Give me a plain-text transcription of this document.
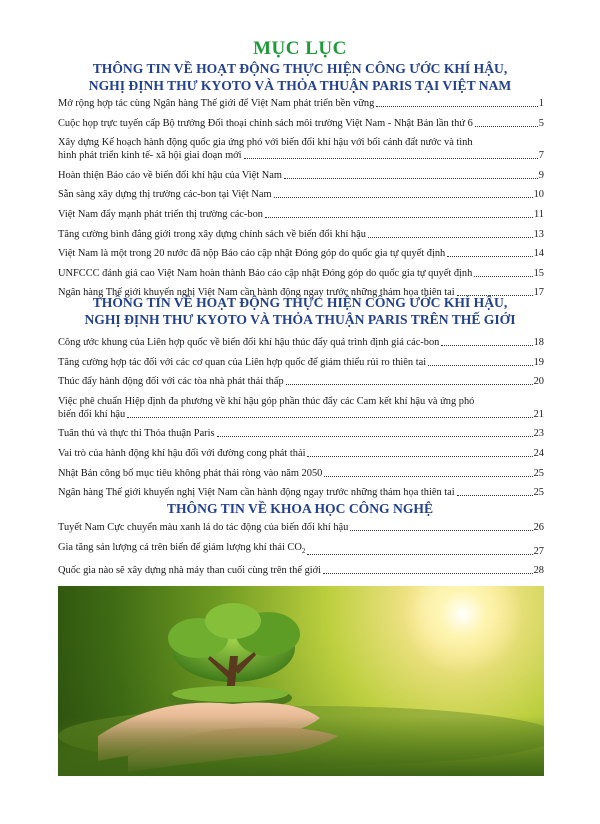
MỤC LỤC
THÔNG TIN VỀ HOẠT ĐỘNG THỰC HIỆN CÔNG ƯỚC KHÍ HẬU,
NGHỊ ĐỊNH THƯ KYOTO VÀ THỎA THUẬN PARIS TẠI VIỆT NAM
Mở rộng hợp tác cùng Ngân hàng Thế giới để Việt Nam phát triển bền vững	1
Cuộc họp trực tuyến cấp Bộ trưởng Đối thoại chính sách môi trường Việt Nam - Nhật Bản lần thứ 6	5
Xây dựng Kế hoạch hành động quốc gia ứng phó với biến đổi khí hậu với bối cảnh đất nước và tình
hình phát triển kinh tế- xã hội giai đoạn mới	7
Hoàn thiện Báo cáo về biến đổi khí hậu của Việt Nam	9
Sẵn sàng xây dựng thị trường các-bon tại Việt Nam	10
Việt Nam đẩy mạnh phát triển thị trường các-bon	11
Tăng cường bình đẳng giới trong xây dựng chính sách về biến đổi khí hậu	13
Việt Nam là một trong 20 nước đã nộp Báo cáo cập nhật Đóng góp do quốc gia tự quyết định	14
UNFCCC đánh giá cao Việt Nam hoàn thành Báo cáo cập nhật Đóng góp do quốc gia tự quyết định	15
Ngân hàng Thế giới khuyến nghị Việt Nam cần hành động ngay trước những thảm họa thiên tai	17
THÔNG TIN VỀ HOẠT ĐỘNG THỰC HIỆN CÔNG ƯỚC KHÍ HẬU,
NGHỊ ĐỊNH THƯ KYOTO VÀ THỎA THUẬN PARIS TRÊN THẾ GIỚI
Công ước khung của Liên hợp quốc về biến đổi khí hậu thúc đẩy quá trình định giá các-bon	18
Tăng cường hợp tác đối với các cơ quan của Liên hợp quốc để giảm thiểu rủi ro thiên tai	19
Thúc đẩy hành động đối với các tòa nhà phát thải thấp	20
Việc phê chuẩn Hiệp định đa phương về khí hậu góp phần thúc đẩy các Cam kết khí hậu và ứng phó
biến đổi khí hậu	21
Tuân thủ và thực thi Thỏa thuận Paris	23
Vai trò của hành động khí hậu đối với đường cong phát thải	24
Nhật Bản công bố mục tiêu không phát thải ròng vào năm 2050	25
Ngân hàng Thế giới khuyến nghị Việt Nam cần hành động ngay trước những thảm họa thiên tai	25
THÔNG TIN VỀ KHOA HỌC CÔNG NGHỆ
Tuyết Nam Cực chuyển màu xanh lá do tác động của biến đổi khí hậu	26
Gia tăng sản lượng cá trên biển để giảm lượng khí thải $CO_2$	27
Quốc gia nào sẽ xây dựng nhà máy than cuối cùng trên thế giới	28
